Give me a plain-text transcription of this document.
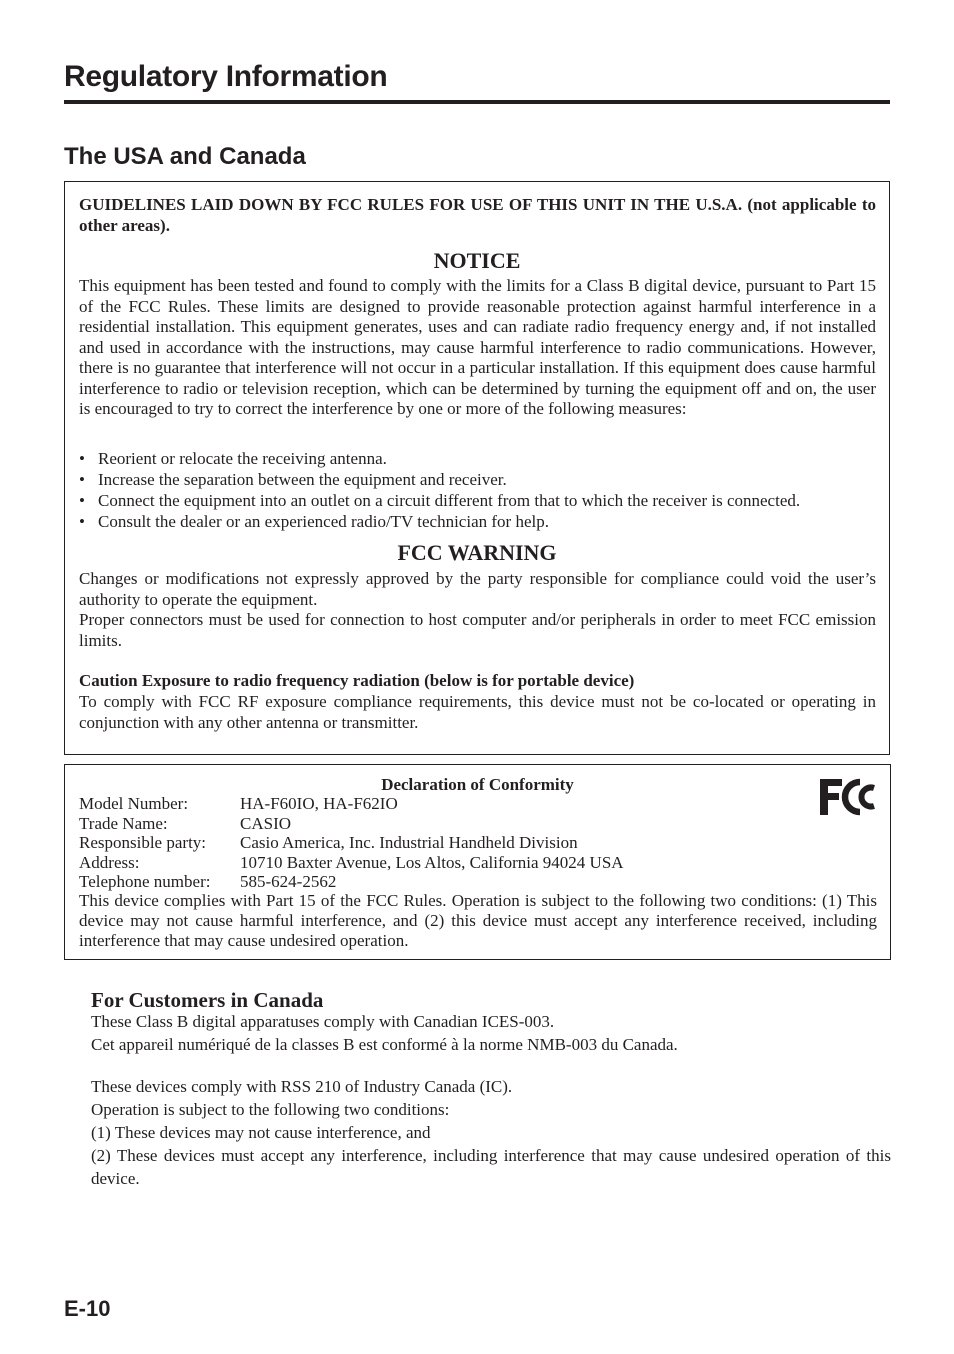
Regulatory Information
The USA and Canada

GUIDELINES LAID DOWN BY FCC RULES FOR USE OF THIS UNIT IN THE U.S.A. (not applicable to other areas).

NOTICE

This equipment has been tested and found to comply with the limits for a Class B digital device, pursuant to Part 15 of the FCC Rules. These limits are designed to provide reasonable protection against harmful interference in a residential installation. This equipment generates, uses and can radiate radio frequency energy and, if not installed and used in accordance with the instructions, may cause harmful interference to radio communications. However, there is no guarantee that interference will not occur in a particular installation. If this equipment does cause harmful interference to radio or television reception, which can be determined by turning the equipment off and on, the user is encouraged to try to correct the interference by one or more of the following measures:

• Reorient or relocate the receiving antenna.
• Increase the separation between the equipment and receiver.
• Connect the equipment into an outlet on a circuit different from that to which the receiver is connected.
• Consult the dealer or an experienced radio/TV technician for help.

FCC WARNING

Changes or modifications not expressly approved by the party responsible for compliance could void the user’s authority to operate the equipment.

Proper connectors must be used for connection to host computer and/or peripherals in order to meet FCC emission limits.

Caution Exposure to radio frequency radiation (below is for portable device)

To comply with FCC RF exposure compliance requirements, this device must not be co-located or operating in conjunction with any other antenna or transmitter.

Declaration of Conformity

Model Number:	HA-F60IO, HA-F62IO
Trade Name:	CASIO
Responsible party:	Casio America, Inc. Industrial Handheld Division
Address:	10710 Baxter Avenue, Los Altos, California 94024 USA
Telephone number:	585-624-2562

This device complies with Part 15 of the FCC Rules. Operation is subject to the following two conditions: (1) This device may not cause harmful interference, and (2) this device must accept any interference received, including interference that may cause undesired operation.

For Customers in Canada

These Class B digital apparatuses comply with Canadian ICES-003.

Cet appareil numériqué de la classes B est conformé à la norme NMB-003 du Canada.

These devices comply with RSS 210 of Industry Canada (IC).

Operation is subject to the following two conditions:

(1) These devices may not cause interference, and

(2) These devices must accept any interference, including interference that may cause undesired operation of this device.

E-10
